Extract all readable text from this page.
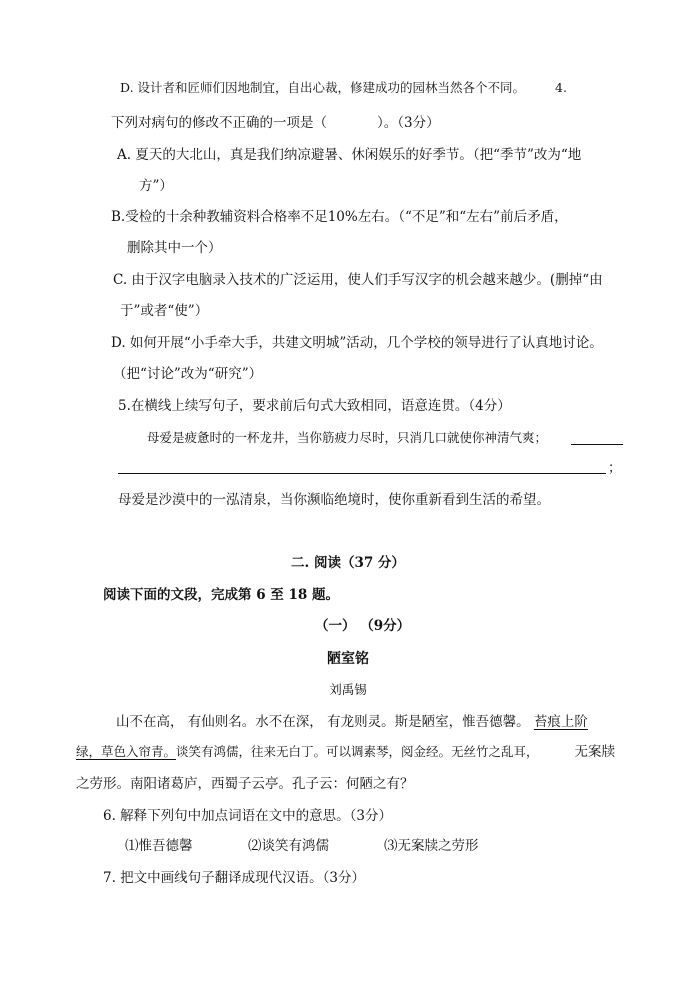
D. 设计者和匠师们因地制宜，自出心裁，修建成功的园林当然各个不同。 4.
下列对病句的修改不正确的一项是（	）。（3分）
A. 夏天的大北山，真是我们纳凉避暑、休闲娱乐的好季节。（把“季节”改为“地
方”）
B.受检的十余种教辅资料合格率不足10%左右。（“不足”和“左右”前后矛盾，
删除其中一个）
C. 由于汉字电脑录入技术的广泛运用，使人们手写汉字的机会越来越少。(删掉“由
于”或者“使”）
D. 如何开展“小手牵大手，共建文明城”活动，几个学校的领导进行了认真地讨论。
（把“讨论”改为“研究”）
5.在横线上续写句子，要求前后句式大致相同，语意连贯。（4分）
母爱是疲惫时的一杯龙井，当你筋疲力尽时，只消几口就使你神清气爽；
；
母爱是沙漠中的一泓清泉，当你濒临绝境时，使你重新看到生活的希望。
二. 阅读（37 分）
阅读下面的文段，完成第 6 至 18 题。
（一） （9分）
陋室铭
刘禹锡
山不在高， 有仙则名。水不在深， 有龙则灵。斯是陋室，惟吾德馨。 苔痕上阶
绿，草色入帘青。谈笑有鸿儒，往来无白丁。可以调素琴，阅金经。无丝竹之乱耳，	无案牍
之劳形。南阳诸葛庐，西蜀子云亭。孔子云：何陋之有？
6. 解释下列句中加点词语在文中的意思。（3分）
⑴惟吾德馨	⑵谈笑有鸿儒	⑶无案牍之劳形
7. 把文中画线句子翻译成现代汉语。（3分）
